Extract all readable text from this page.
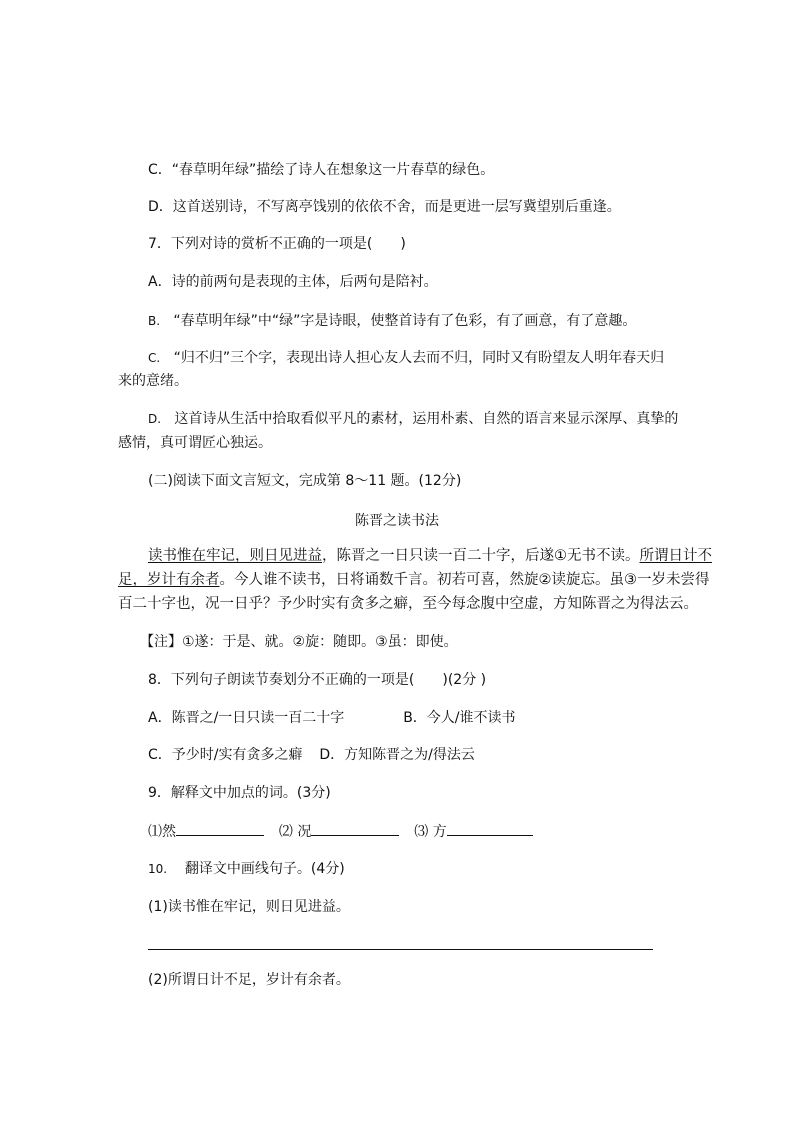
C．“春草明年绿”描绘了诗人在想象这一片春草的绿色。
D．这首送别诗，不写离亭饯别的依依不舍，而是更进一层写冀望别后重逢。
7．下列对诗的赏析不正确的一项是(　　)
A．诗的前两句是表现的主体，后两句是陪衬。
B. “春草明年绿”中“绿”字是诗眼，使整首诗有了色彩，有了画意，有了意趣。
C. “归不归”三个字，表现出诗人担心友人去而不归，同时又有盼望友人明年春天归
来的意绪。
D. 这首诗从生活中拾取看似平凡的素材，运用朴素、自然的语言来显示深厚、真挚的
感情，真可谓匠心独运。
(二)阅读下面文言短文，完成第 8～11 题。(12分)
陈晋之读书法
读书惟在牢记，则日见进益，陈晋之一日只读一百二十字，后遂①无书不读。所谓日计不
足，岁计有余者。今人谁不读书，日将诵数千言。初若可喜，然旋②读旋忘。虽③一岁未尝得
百二十字也，况一日乎？予少时实有贪多之癖，至今每念腹中空虚，方知陈晋之为得法云。
【注】①遂：于是、就。②旋：随即。③虽：即使。
8．下列句子朗读节奏划分不正确的一项是(　　)(2分 )
A．陈晋之/一日只读一百二十字	B．今人/谁不读书
C．予少时/实有贪多之癖 D．方知陈晋之为/得法云
9．解释文中加点的词。(3分)
⑴然	⑵ 况	⑶ 方
10. 翻译文中画线句子。(4分)
(1)读书惟在牢记，则日见进益。
(2)所谓日计不足，岁计有余者。
